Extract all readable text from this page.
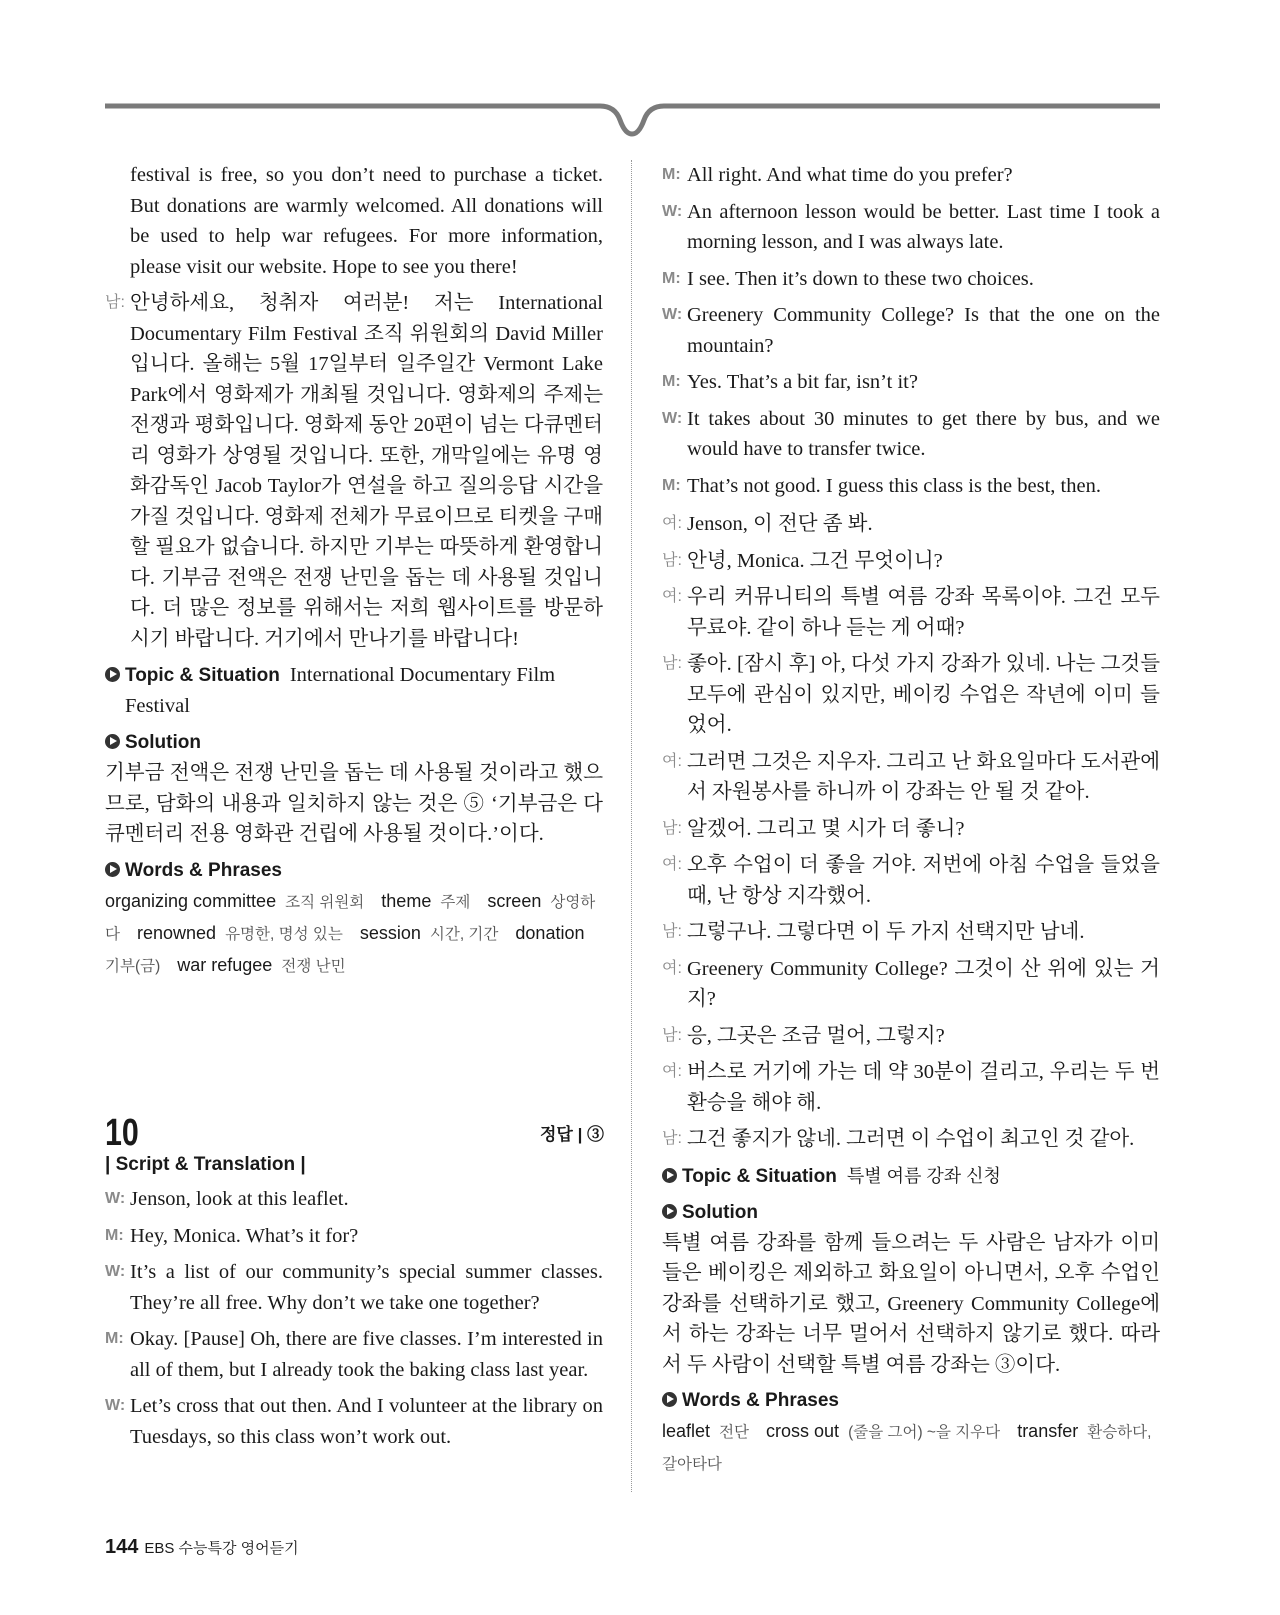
festival is free, so you don’t need to purchase a ticket. But donations are warmly welcomed. All donations will be used to help war refugees. For more information, please visit our website. Hope to see you there!
남: 안녕하세요, 청취자 여러분! 저는 International Documentary Film Festival 조직 위원회의 David Miller입니다. 올해는 5월 17일부터 일주일간 Vermont Lake Park에서 영화제가 개최될 것입니다. 영화제의 주제는 전쟁과 평화입니다. 영화제 동안 20편이 넘는 다큐멘터리 영화가 상영될 것입니다. 또한, 개막일에는 유명 영화감독인 Jacob Taylor가 연설을 하고 질의응답 시간을 가질 것입니다. 영화제 전체가 무료이므로 티켓을 구매할 필요가 없습니다. 하지만 기부는 따뜻하게 환영합니다. 기부금 전액은 전쟁 난민을 돕는 데 사용될 것입니다. 더 많은 정보를 위해서는 저희 웹사이트를 방문하시기 바랍니다. 거기에서 만나기를 바랍니다!
Topic & Situation International Documentary Film Festival
Solution
기부금 전액은 전쟁 난민을 돕는 데 사용될 것이라고 했으므로, 담화의 내용과 일치하지 않는 것은 ⑤ ‘기부금은 다큐멘터리 전용 영화관 건립에 사용될 것이다.’이다.
Words & Phrases
organizing committee 조직 위원회 theme 주제 screen 상영하다 renowned 유명한, 명성 있는 session 시간, 기간 donation 기부(금) war refugee 전쟁 난민
10	정답 | ③
| Script & Translation |
W: Jenson, look at this leaflet.
M: Hey, Monica. What’s it for?
W: It’s a list of our community’s special summer classes. They’re all free. Why don’t we take one together?
M: Okay. [Pause] Oh, there are five classes. I’m interested in all of them, but I already took the baking class last year.
W: Let’s cross that out then. And I volunteer at the library on Tuesdays, so this class won’t work out.
M: All right. And what time do you prefer?
W: An afternoon lesson would be better. Last time I took a morning lesson, and I was always late.
M: I see. Then it’s down to these two choices.
W: Greenery Community College? Is that the one on the mountain?
M: Yes. That’s a bit far, isn’t it?
W: It takes about 30 minutes to get there by bus, and we would have to transfer twice.
M: That’s not good. I guess this class is the best, then.
여: Jenson, 이 전단 좀 봐.
남: 안녕, Monica. 그건 무엇이니?
여: 우리 커뮤니티의 특별 여름 강좌 목록이야. 그건 모두 무료야. 같이 하나 듣는 게 어때?
남: 좋아. [잠시 후] 아, 다섯 가지 강좌가 있네. 나는 그것들 모두에 관심이 있지만, 베이킹 수업은 작년에 이미 들었어.
여: 그러면 그것은 지우자. 그리고 난 화요일마다 도서관에서 자원봉사를 하니까 이 강좌는 안 될 것 같아.
남: 알겠어. 그리고 몇 시가 더 좋니?
여: 오후 수업이 더 좋을 거야. 저번에 아침 수업을 들었을 때, 난 항상 지각했어.
남: 그렇구나. 그렇다면 이 두 가지 선택지만 남네.
여: Greenery Community College? 그것이 산 위에 있는 거지?
남: 응, 그곳은 조금 멀어, 그렇지?
여: 버스로 거기에 가는 데 약 30분이 걸리고, 우리는 두 번 환승을 해야 해.
남: 그건 좋지가 않네. 그러면 이 수업이 최고인 것 같아.
Topic & Situation 특별 여름 강좌 신청
Solution
특별 여름 강좌를 함께 들으려는 두 사람은 남자가 이미 들은 베이킹은 제외하고 화요일이 아니면서, 오후 수업인 강좌를 선택하기로 했고, Greenery Community College에서 하는 강좌는 너무 멀어서 선택하지 않기로 했다. 따라서 두 사람이 선택할 특별 여름 강좌는 ③이다.
Words & Phrases
leaflet 전단 cross out (줄을 그어) ~을 지우다 transfer 환승하다, 갈아타다
144 EBS 수능특강 영어듣기
